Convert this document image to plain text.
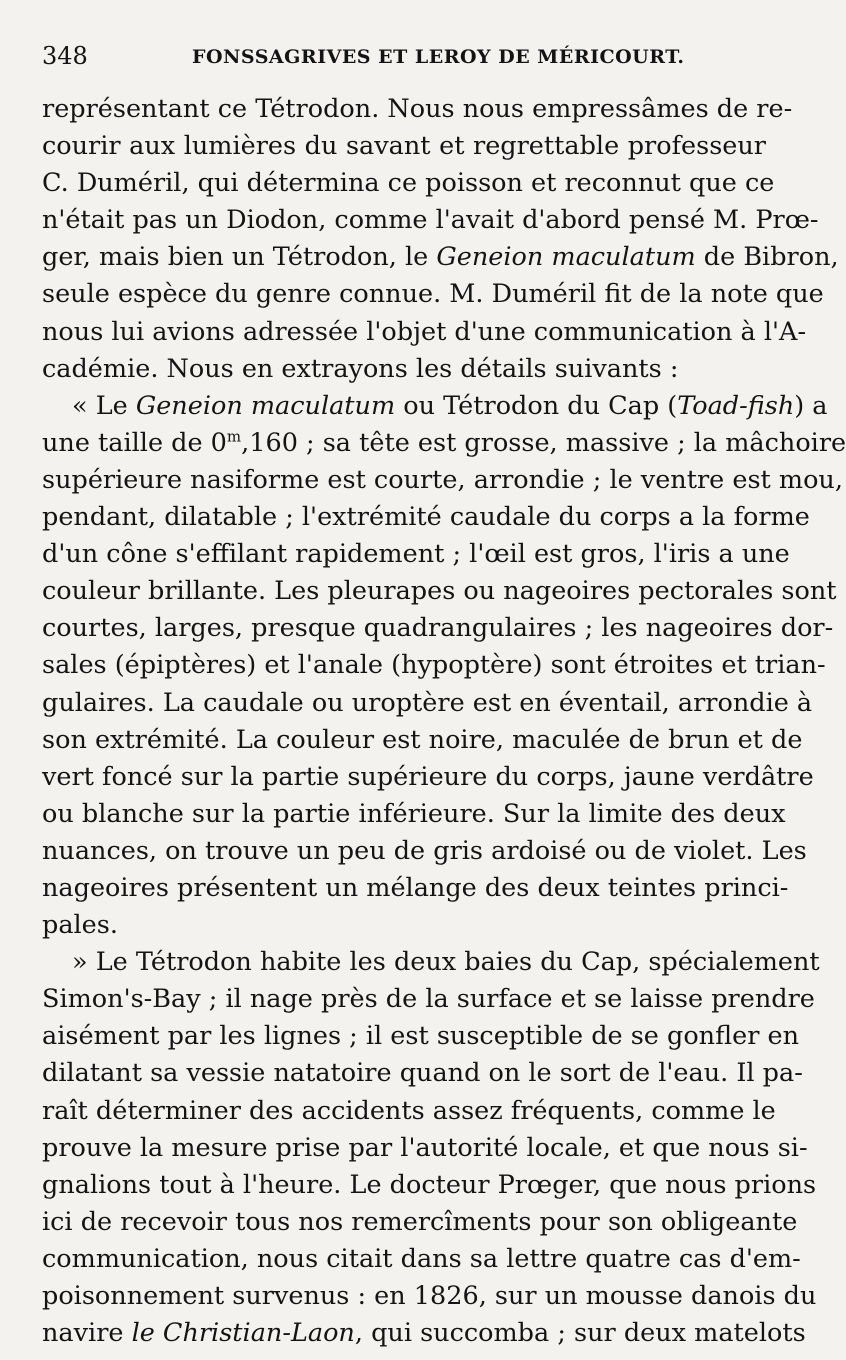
348	FONSSAGRIVES ET LEROY DE MÉRICOURT.
représentant ce Tétrodon. Nous nous empressâmes de re-
courir aux lumières du savant et regrettable professeur
C. Duméril, qui détermina ce poisson et reconnut que ce
n'était pas un Diodon, comme l'avait d'abord pensé M. Prœ-
ger, mais bien un Tétrodon, le Geneion maculatum de Bibron,
seule espèce du genre connue. M. Duméril fit de la note que
nous lui avions adressée l'objet d'une communication à l'A-
cadémie. Nous en extrayons les détails suivants :
« Le Geneion maculatum ou Tétrodon du Cap (Toad-fish) a
une taille de 0$^m$,160 ; sa tête est grosse, massive ; la mâchoire
supérieure nasiforme est courte, arrondie ; le ventre est mou,
pendant, dilatable ; l'extrémité caudale du corps a la forme
d'un cône s'effilant rapidement ; l'œil est gros, l'iris a une
couleur brillante. Les pleurapes ou nageoires pectorales sont
courtes, larges, presque quadrangulaires ; les nageoires dor-
sales (épiptères) et l'anale (hypoptère) sont étroites et trian-
gulaires. La caudale ou uroptère est en éventail, arrondie à
son extrémité. La couleur est noire, maculée de brun et de
vert foncé sur la partie supérieure du corps, jaune verdâtre
ou blanche sur la partie inférieure. Sur la limite des deux
nuances, on trouve un peu de gris ardoisé ou de violet. Les
nageoires présentent un mélange des deux teintes princi-
pales.
» Le Tétrodon habite les deux baies du Cap, spécialement
Simon's-Bay ; il nage près de la surface et se laisse prendre
aisément par les lignes ; il est susceptible de se gonfler en
dilatant sa vessie natatoire quand on le sort de l'eau. Il pa-
raît déterminer des accidents assez fréquents, comme le
prouve la mesure prise par l'autorité locale, et que nous si-
gnalions tout à l'heure. Le docteur Prœger, que nous prions
ici de recevoir tous nos remercîments pour son obligeante
communication, nous citait dans sa lettre quatre cas d'em-
poisonnement survenus : en 1826, sur un mousse danois du
navire le Christian-Laon, qui succomba ; sur deux matelots
